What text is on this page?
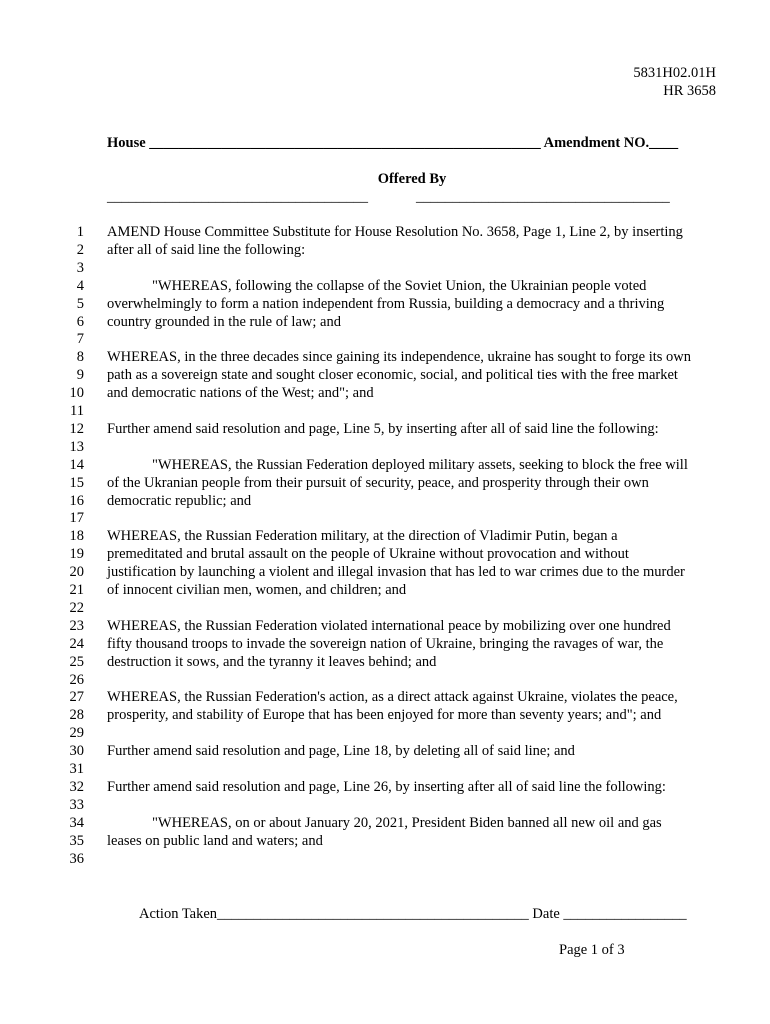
5831H02.01H
HR 3658
House ______________________________________________________ Amendment NO.____
Offered By
____________________________________	___________________________________
1 AMEND House Committee Substitute for House Resolution No. 3658, Page 1, Line 2, by inserting
2 after all of said line the following:
3
4	"WHEREAS, following the collapse of the Soviet Union, the Ukrainian people voted
5 overwhelmingly to form a nation independent from Russia, building a democracy and a thriving
6 country grounded in the rule of law; and
7
8 WHEREAS, in the three decades since gaining its independence, ukraine has sought to forge its own
9 path as a sovereign state and sought closer economic, social, and political ties with the free market
10 and democratic nations of the West; and"; and
11
12 Further amend said resolution and page, Line 5, by inserting after all of said line the following:
13
14	"WHEREAS, the Russian Federation deployed military assets, seeking to block the free will
15 of the Ukranian people from their pursuit of security, peace, and prosperity through their own
16 democratic republic; and
17
18 WHEREAS, the Russian Federation military, at the direction of Vladimir Putin, began a
19 premeditated and brutal assault on the people of Ukraine without provocation and without
20 justification by launching a violent and illegal invasion that has led to war crimes due to the murder
21 of innocent civilian men, women, and children; and
22
23 WHEREAS, the Russian Federation violated international peace by mobilizing over one hundred
24 fifty thousand troops to invade the sovereign nation of Ukraine, bringing the ravages of war, the
25 destruction it sows, and the tyranny it leaves behind; and
26
27 WHEREAS, the Russian Federation's action, as a direct attack against Ukraine, violates the peace,
28 prosperity, and stability of Europe that has been enjoyed for more than seventy years; and"; and
29
30 Further amend said resolution and page, Line 18, by deleting all of said line; and
31
32 Further amend said resolution and page, Line 26, by inserting after all of said line the following:
33
34	"WHEREAS, on or about January 20, 2021, President Biden banned all new oil and gas
35 leases on public land and waters; and
36
Action Taken___________________________________________ Date _________________
Page 1 of 3
